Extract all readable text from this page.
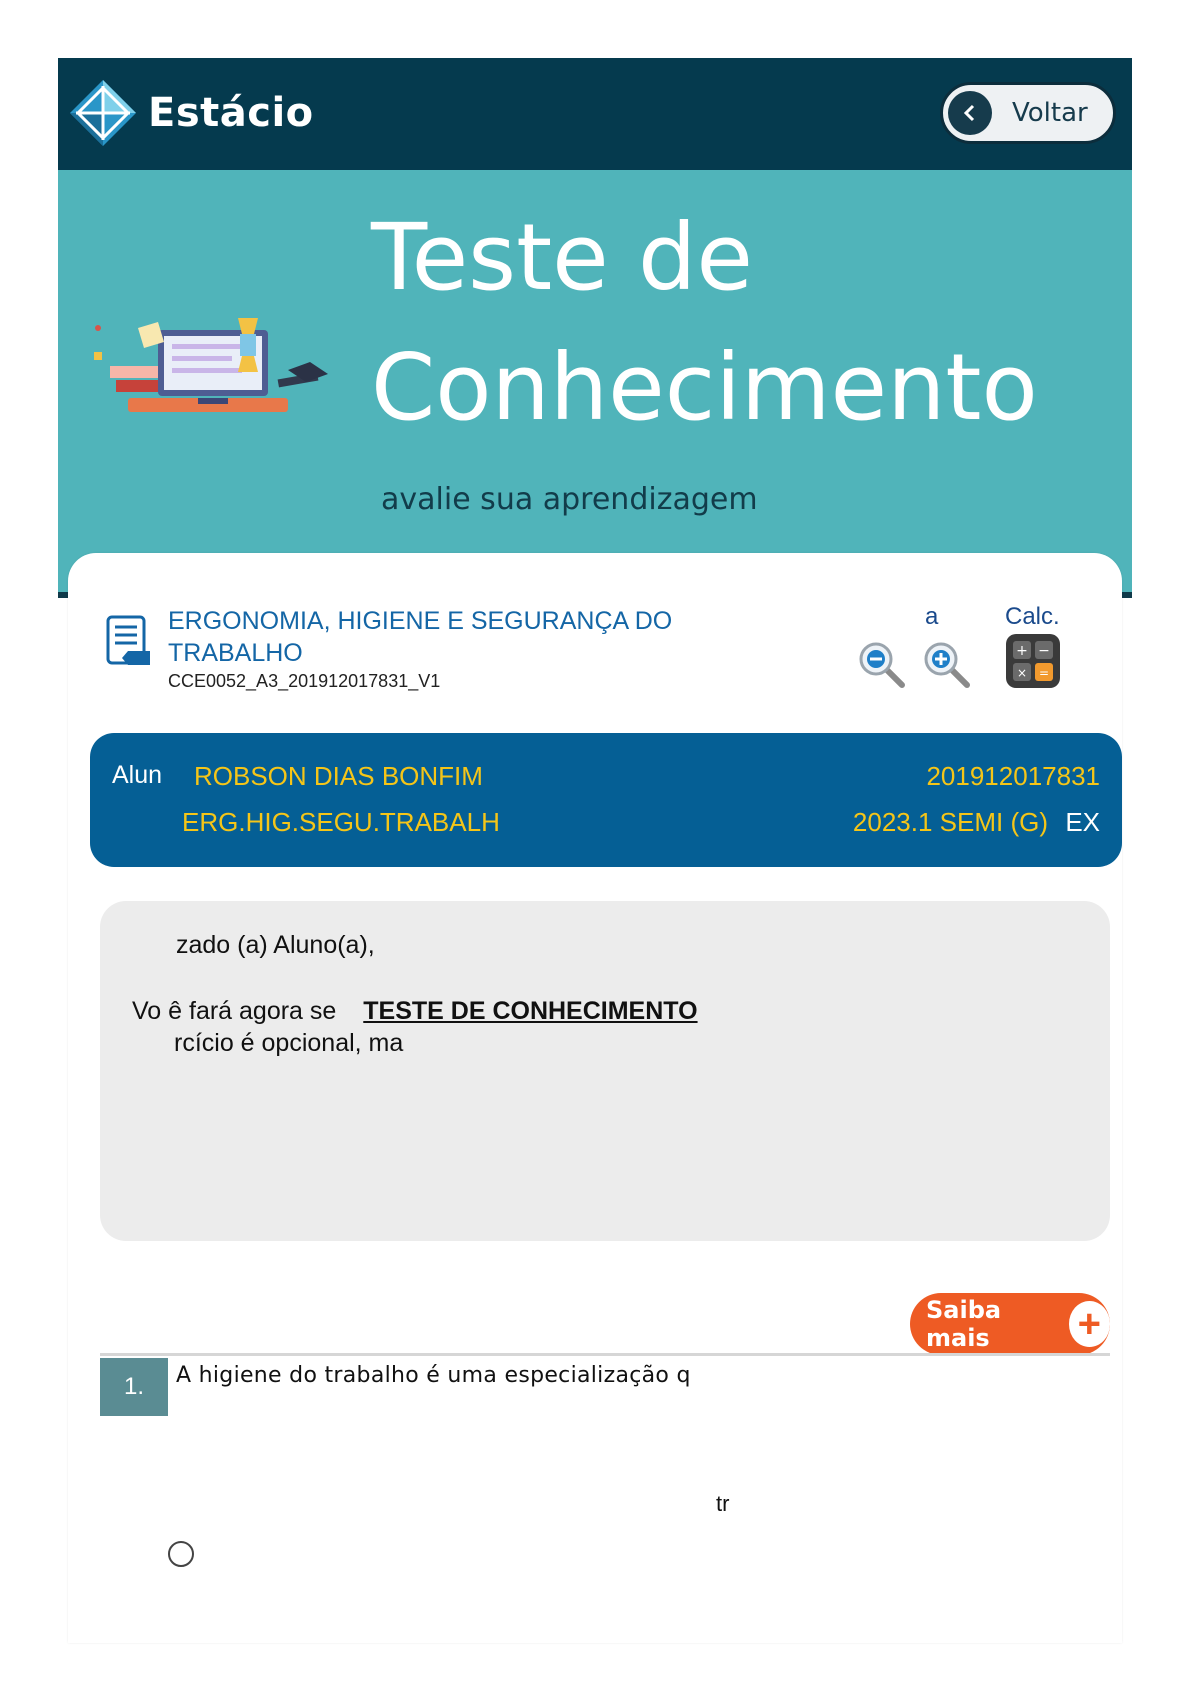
Estácio	Voltar
Teste de
Conhecimento
avalie sua aprendizagem
ERGONOMIA, HIGIENE E SEGURANÇA DO TRABALHO
CCE0052_A3_201912017831_V1
a	Calc.
+ −
× =
Alun ROBSON DIAS BONFIM	201912017831
ERG.HIG.SEGU.TRABALH	2023.1 SEMI (G) EX
zado (a) Aluno(a),
Vo ê fará agora se TESTE DE CONHECIMENTO
rcício é opcional, ma
Saiba mais	+
1.	A higiene do trabalho é uma especialização q
tr
